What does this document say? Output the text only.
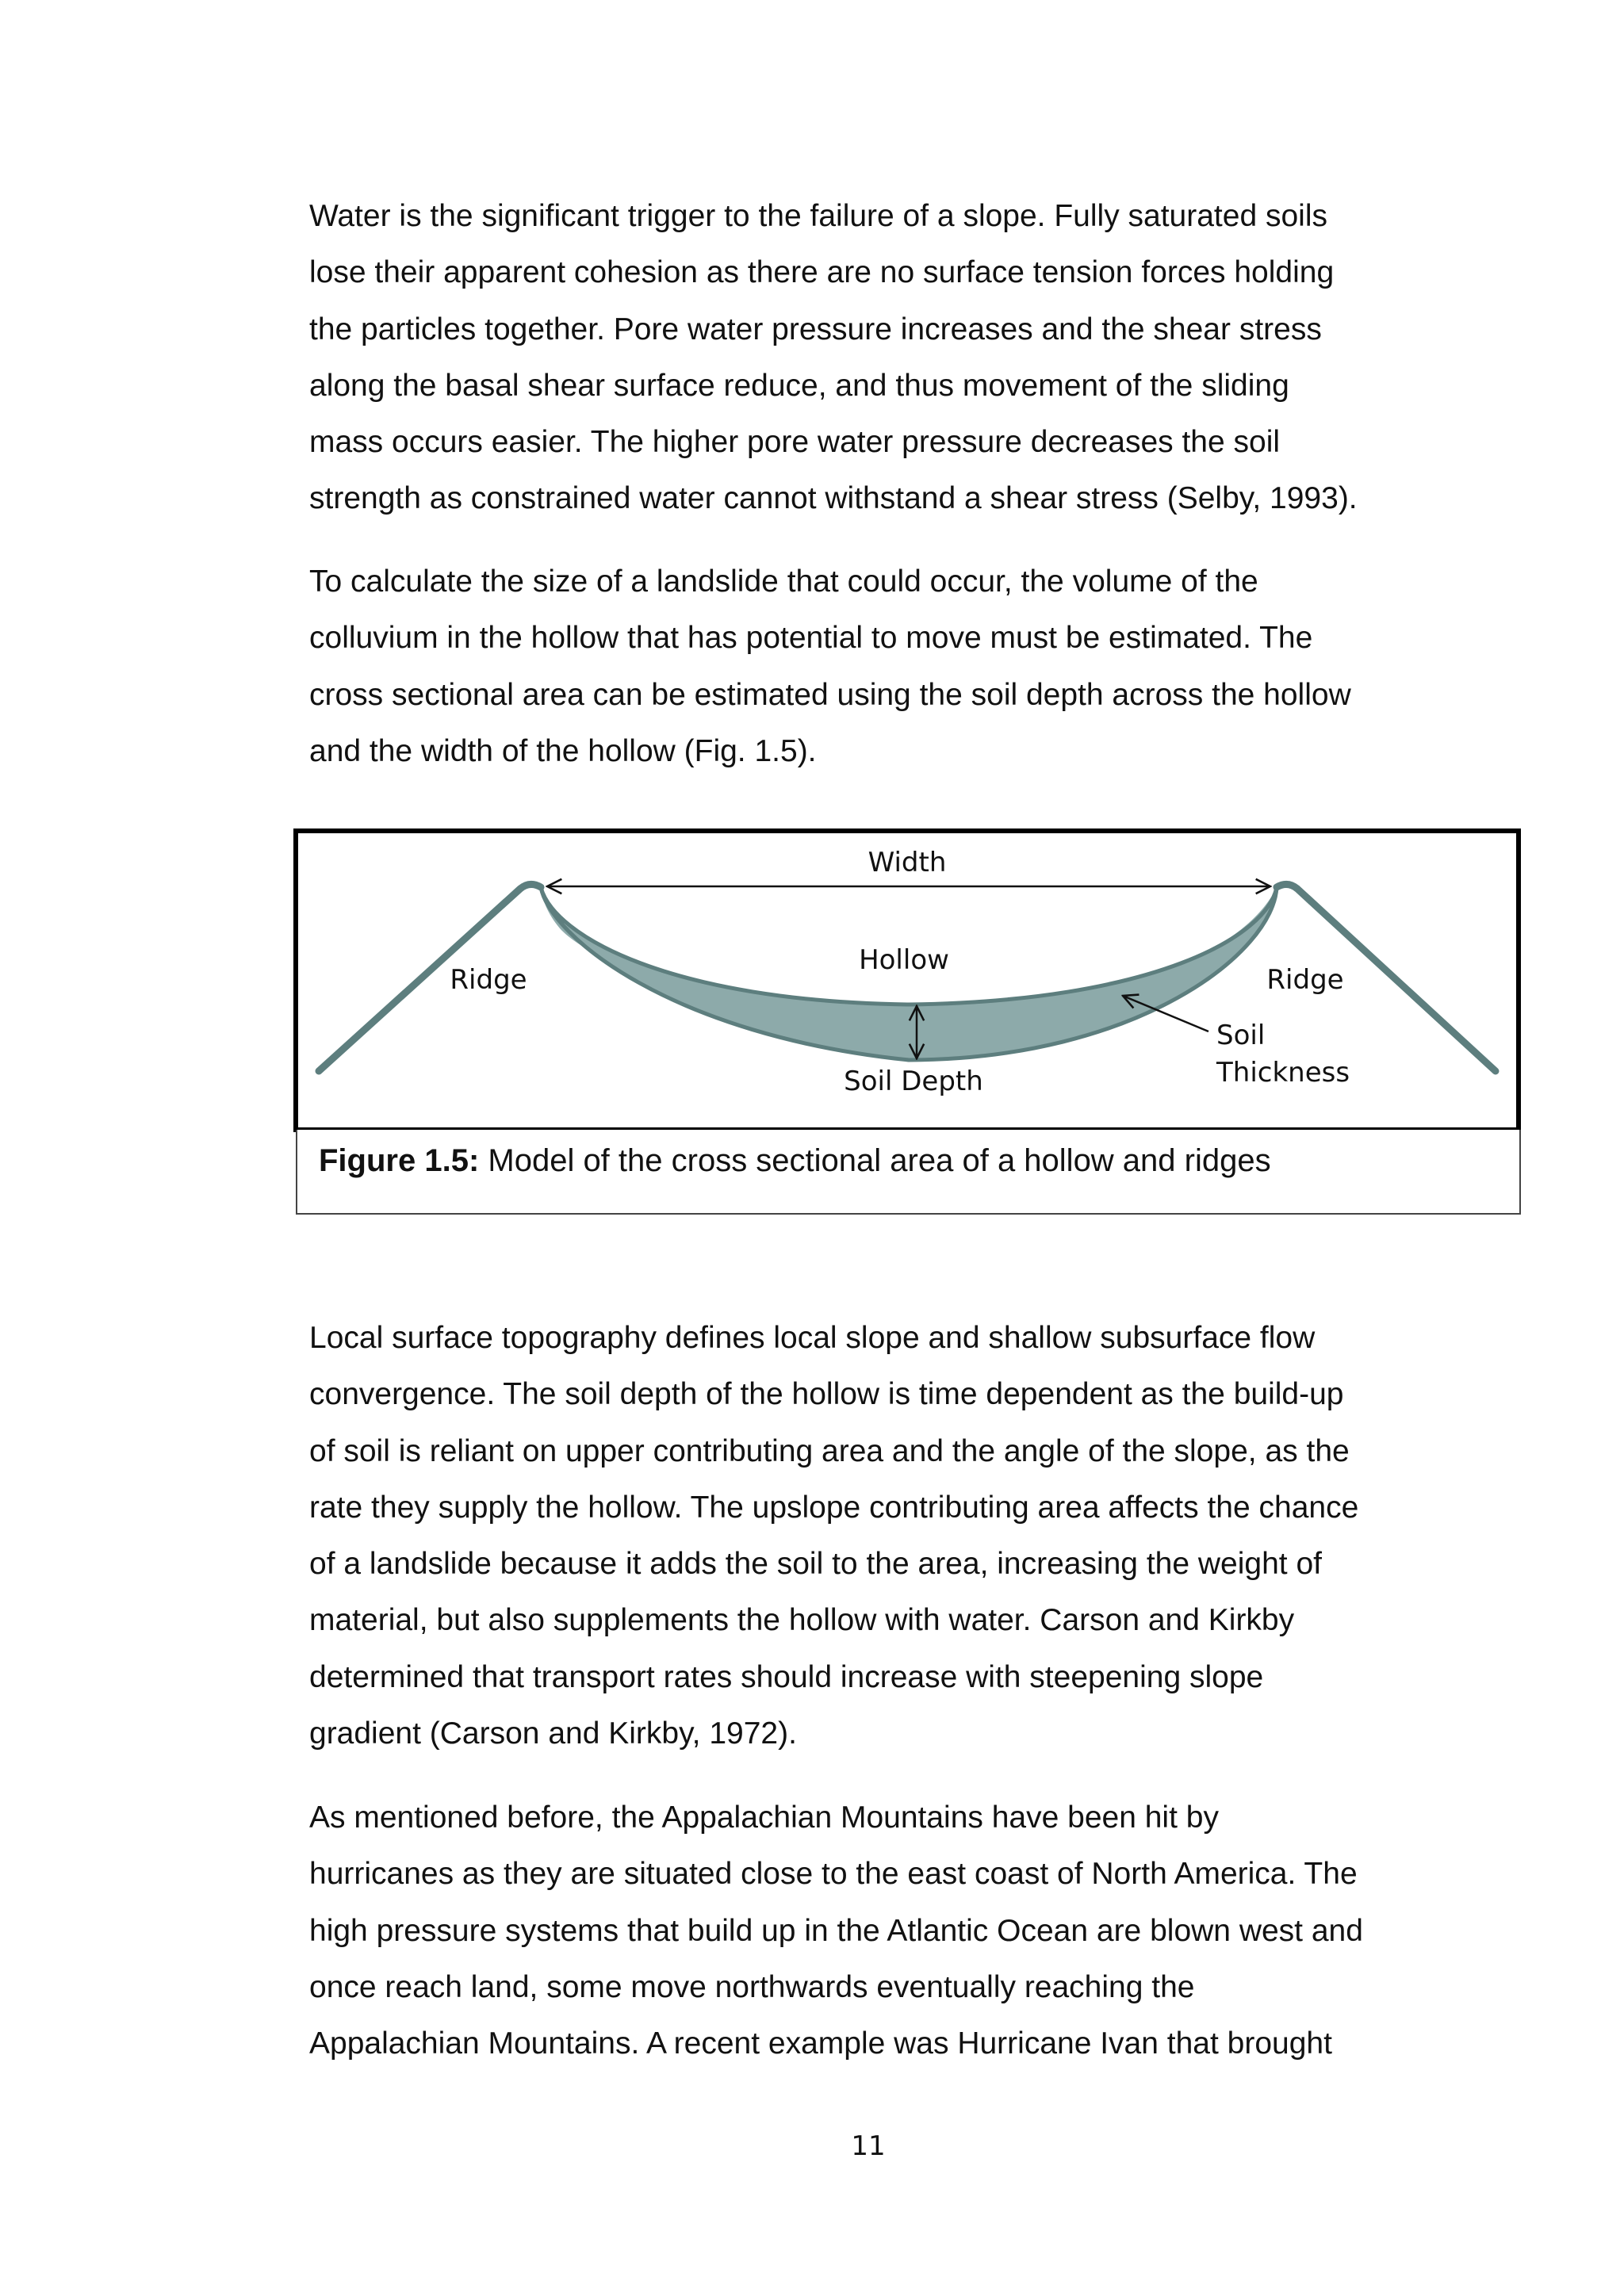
Water is the significant trigger to the failure of a slope. Fully saturated soils
lose their apparent cohesion as there are no surface tension forces holding
the particles together. Pore water pressure increases and the shear stress
along the basal shear surface reduce, and thus movement of the sliding
mass occurs easier. The higher pore water pressure decreases the soil
strength as constrained water cannot withstand a shear stress (Selby, 1993).

To calculate the size of a landslide that could occur, the volume of the
colluvium in the hollow that has potential to move must be estimated. The
cross sectional area can be estimated using the soil depth across the hollow
and the width of the hollow (Fig. 1.5).

Width
Hollow
Ridge	Ridge
Soil
Thickness
Soil Depth
Figure 1.5: Model of the cross sectional area of a hollow and ridges

Local surface topography defines local slope and shallow subsurface flow
convergence. The soil depth of the hollow is time dependent as the build-up
of soil is reliant on upper contributing area and the angle of the slope, as the
rate they supply the hollow. The upslope contributing area affects the chance
of a landslide because it adds the soil to the area, increasing the weight of
material, but also supplements the hollow with water. Carson and Kirkby
determined that transport rates should increase with steepening slope
gradient (Carson and Kirkby, 1972).

As mentioned before, the Appalachian Mountains have been hit by
hurricanes as they are situated close to the east coast of North America. The
high pressure systems that build up in the Atlantic Ocean are blown west and
once reach land, some move northwards eventually reaching the
Appalachian Mountains. A recent example was Hurricane Ivan that brought

11
